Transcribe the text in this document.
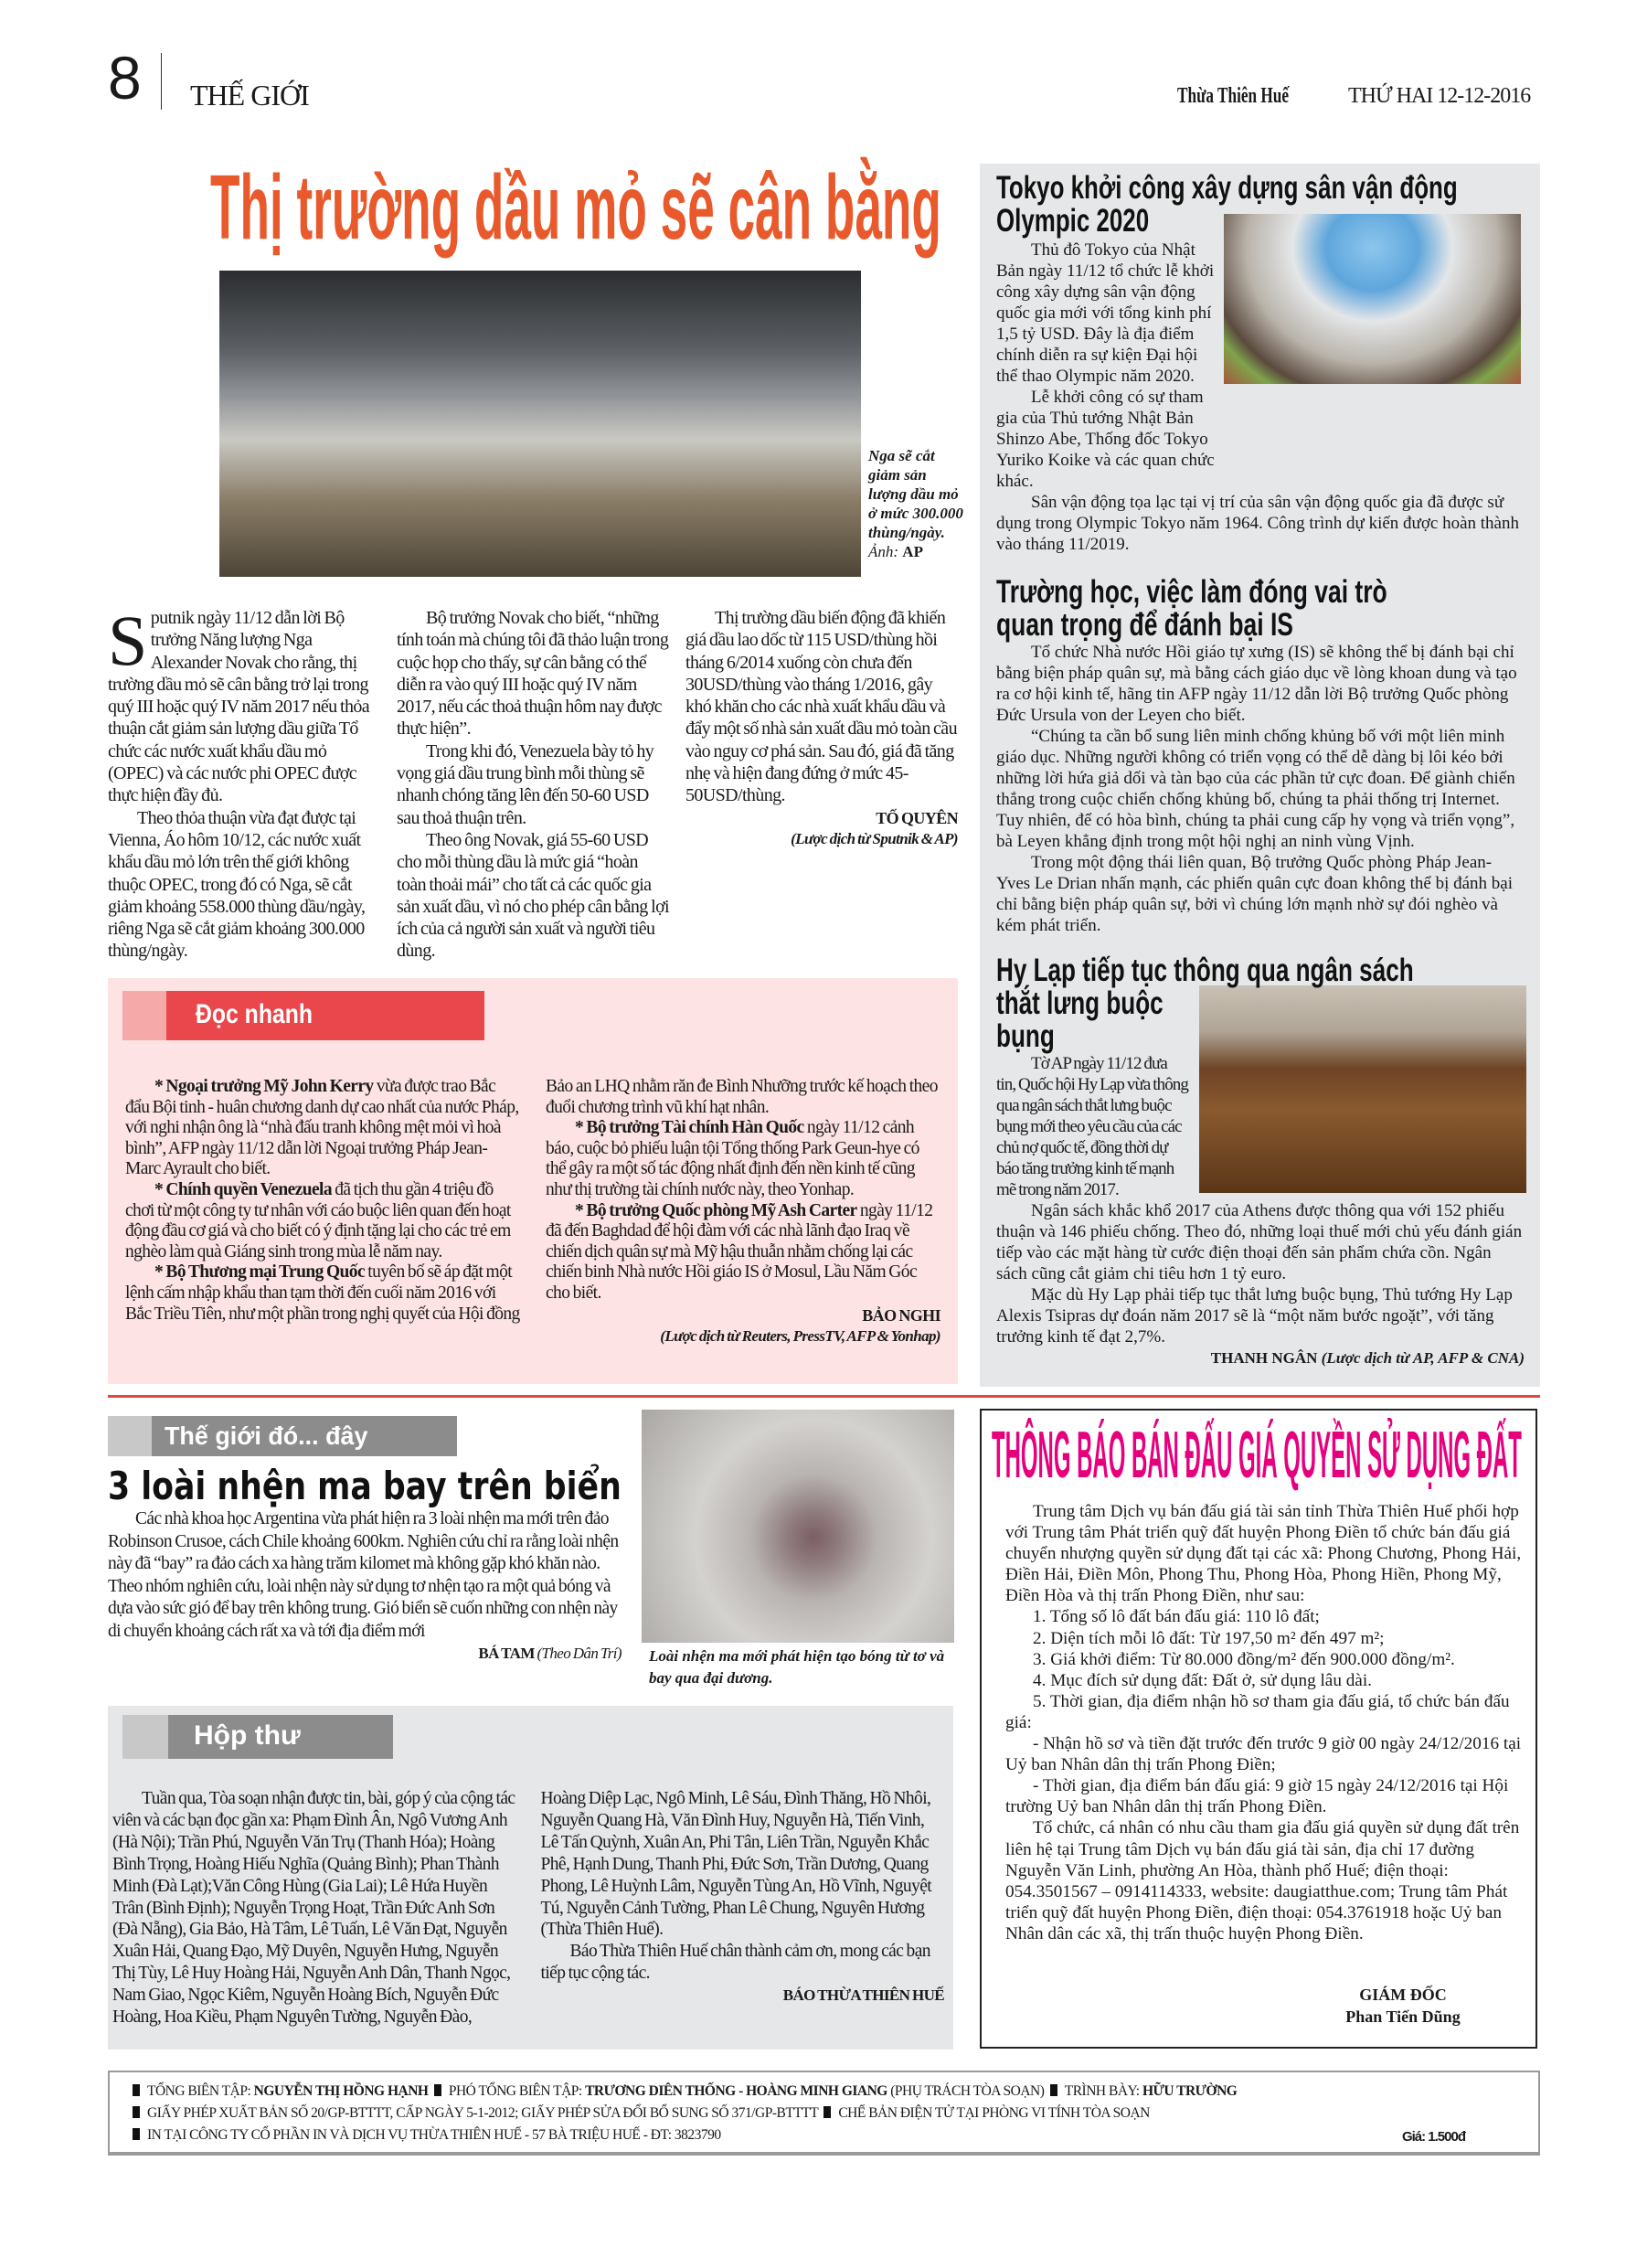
8 THẾ GIỚI	Thừa Thiên Huế	THỨ HAI 12-12-2016
Thị trường dầu mỏ sẽ cân bằng
Nga sẽ cắt giảm sản lượng dầu mỏ ở mức 300.000 thùng/ngày. Ảnh: AP

Sputnik ngày 11/12 dẫn lời Bộ trưởng Năng lượng Nga Alexander Novak cho rằng, thị trường dầu mỏ sẽ cân bằng trở lại trong quý III hoặc quý IV năm 2017 nếu thỏa thuận cắt giảm sản lượng dầu giữa Tổ chức các nước xuất khẩu dầu mỏ (OPEC) và các nước phi OPEC được thực hiện đầy đủ.

Theo thỏa thuận vừa đạt được tại Vienna, Áo hôm 10/12, các nước xuất khẩu dầu mỏ lớn trên thế giới không thuộc OPEC, trong đó có Nga, sẽ cắt giảm khoảng 558.000 thùng dầu/ngày, riêng Nga sẽ cắt giảm khoảng 300.000 thùng/ngày.

Bộ trưởng Novak cho biết, “những tính toán mà chúng tôi đã thảo luận trong cuộc họp cho thấy, sự cân bằng có thể diễn ra vào quý III hoặc quý IV năm 2017, nếu các thoả thuận hôm nay được thực hiện”.

Trong khi đó, Venezuela bày tỏ hy vọng giá dầu trung bình mỗi thùng sẽ nhanh chóng tăng lên đến 50-60 USD sau thoả thuận trên.

Theo ông Novak, giá 55-60 USD cho mỗi thùng dầu là mức giá “hoàn toàn thoải mái” cho tất cả các quốc gia sản xuất dầu, vì nó cho phép cân bằng lợi ích của cả người sản xuất và người tiêu dùng.

Thị trường dầu biến động đã khiến giá dầu lao dốc từ 115 USD/thùng hồi tháng 6/2014 xuống còn chưa đến 30USD/thùng vào tháng 1/2016, gây khó khăn cho các nhà xuất khẩu dầu và đẩy một số nhà sản xuất dầu mỏ toàn cầu vào nguy cơ phá sản. Sau đó, giá đã tăng nhẹ và hiện đang đứng ở mức 45-50USD/thùng.

TỐ QUYÊN

(Lược dịch từ Sputnik & AP)

Tokyo khởi công xây dựng sân vận động
Olympic 2020

Thủ đô Tokyo của Nhật Bản ngày 11/12 tổ chức lễ khởi công xây dựng sân vận động quốc gia mới với tổng kinh phí 1,5 tỷ USD. Đây là địa điểm chính diễn ra sự kiện Đại hội thể thao Olympic năm 2020.

Lễ khởi công có sự tham gia của Thủ tướng Nhật Bản Shinzo Abe, Thống đốc Tokyo Yuriko Koike và các quan chức khác.

Sân vận động tọa lạc tại vị trí của sân vận động quốc gia đã được sử dụng trong Olympic Tokyo năm 1964. Công trình dự kiến được hoàn thành vào tháng 11/2019.

Trường học, việc làm đóng vai trò
quan trọng để đánh bại IS

Tổ chức Nhà nước Hồi giáo tự xưng (IS) sẽ không thể bị đánh bại chỉ bằng biện pháp quân sự, mà bằng cách giáo dục về lòng khoan dung và tạo ra cơ hội kinh tế, hãng tin AFP ngày 11/12 dẫn lời Bộ trưởng Quốc phòng Đức Ursula von der Leyen cho biết.

“Chúng ta cần bổ sung liên minh chống khủng bố với một liên minh giáo dục. Những người không có triển vọng có thể dễ dàng bị lôi kéo bởi những lời hứa giả dối và tàn bạo của các phần tử cực đoan. Để giành chiến thắng trong cuộc chiến chống khủng bố, chúng ta phải thống trị Internet. Tuy nhiên, để có hòa bình, chúng ta phải cung cấp hy vọng và triển vọng”, bà Leyen khẳng định trong một hội nghị an ninh vùng Vịnh.

Trong một động thái liên quan, Bộ trưởng Quốc phòng Pháp Jean-Yves Le Drian nhấn mạnh, các phiến quân cực đoan không thể bị đánh bại chỉ bằng biện pháp quân sự, bởi vì chúng lớn mạnh nhờ sự đói nghèo và kém phát triển.

Hy Lạp tiếp tục thông qua ngân sách
thắt lưng buộc
bụng

Tờ AP ngày 11/12 đưa tin, Quốc hội Hy Lạp vừa thông qua ngân sách thắt lưng buộc bụng mới theo yêu cầu của các chủ nợ quốc tế, đồng thời dự báo tăng trưởng kinh tế mạnh mẽ trong năm 2017.

Ngân sách khắc khổ 2017 của Athens được thông qua với 152 phiếu thuận và 146 phiếu chống. Theo đó, những loại thuế mới chủ yếu đánh gián tiếp vào các mặt hàng từ cước điện thoại đến sản phẩm chứa cồn. Ngân sách cũng cắt giảm chi tiêu hơn 1 tỷ euro.

Mặc dù Hy Lạp phải tiếp tục thắt lưng buộc bụng, Thủ tướng Hy Lạp Alexis Tsipras dự đoán năm 2017 sẽ là “một năm bước ngoặt”, với tăng trưởng kinh tế đạt 2,7%.

THANH NGÂN (Lược dịch từ AP, AFP & CNA)

Đọc nhanh

* Ngoại trưởng Mỹ John Kerry vừa được trao Bắc đẩu Bội tinh - huân chương danh dự cao nhất của nước Pháp, với nghi nhận ông là “nhà đấu tranh không mệt mỏi vì hoà bình”, AFP ngày 11/12 dẫn lời Ngoại trưởng Pháp Jean-Marc Ayrault cho biết.

* Chính quyền Venezuela đã tịch thu gần 4 triệu đồ chơi từ một công ty tư nhân với cáo buộc liên quan đến hoạt động đầu cơ giá và cho biết có ý định tặng lại cho các trẻ em nghèo làm quà Giáng sinh trong mùa lễ năm nay.

* Bộ Thương mại Trung Quốc tuyên bố sẽ áp đặt một lệnh cấm nhập khẩu than tạm thời đến cuối năm 2016 với Bắc Triều Tiên, như một phần trong nghị quyết của Hội đồng Bảo an LHQ nhằm răn đe Bình Nhưỡng trước kế hoạch theo đuổi chương trình vũ khí hạt nhân.

* Bộ trưởng Tài chính Hàn Quốc ngày 11/12 cảnh báo, cuộc bỏ phiếu luận tội Tổng thống Park Geun-hye có thể gây ra một số tác động nhất định đến nền kinh tế cũng như thị trường tài chính nước này, theo Yonhap.

* Bộ trưởng Quốc phòng Mỹ Ash Carter ngày 11/12 đã đến Baghdad để hội đàm với các nhà lãnh đạo Iraq về chiến dịch quân sự mà Mỹ hậu thuẫn nhằm chống lại các chiến binh Nhà nước Hồi giáo IS ở Mosul, Lầu Năm Góc cho biết.

BẢO NGHI

(Lược dịch từ Reuters, PressTV, AFP & Yonhap)

Thế giới đó... đây
3 loài nhện ma bay trên biển

Các nhà khoa học Argentina vừa phát hiện ra 3 loài nhện ma mới trên đảo Robinson Crusoe, cách Chile khoảng 600km. Nghiên cứu chỉ ra rằng loài nhện này đã “bay” ra đảo cách xa hàng trăm kilomet mà không gặp khó khăn nào. Theo nhóm nghiên cứu, loài nhện này sử dụng tơ nhện tạo ra một quả bóng và dựa vào sức gió để bay trên không trung. Gió biển sẽ cuốn những con nhện này di chuyển khoảng cách rất xa và tới địa điểm mới

BÁ TAM (Theo Dân Trí) Loài nhện ma mới phát hiện tạo bóng từ tơ và bay qua đại dương.
Hộp thư

Tuần qua, Tòa soạn nhận được tin, bài, góp ý của cộng tác viên và các bạn đọc gần xa: Phạm Đình Ân, Ngô Vương Anh (Hà Nội); Trần Phú, Nguyễn Văn Trụ (Thanh Hóa); Hoàng Bình Trọng, Hoàng Hiếu Nghĩa (Quảng Bình); Phan Thành Minh (Đà Lạt);Văn Công Hùng (Gia Lai); Lê Hứa Huyền Trân (Bình Định); Nguyễn Trọng Hoạt, Trần Đức Anh Sơn (Đà Nẵng), Gia Bảo, Hà Tâm, Lê Tuấn, Lê Văn Đạt, Nguyễn Xuân Hải, Quang Đạo, Mỹ Duyên, Nguyễn Hưng, Nguyễn Thị Tùy, Lê Huy Hoàng Hải, Nguyễn Anh Dân, Thanh Ngọc, Nam Giao, Ngọc Kiêm, Nguyễn Hoàng Bích, Nguyễn Đức Hoàng, Hoa Kiều, Phạm Nguyên Tường, Nguyễn Đào, Hoàng Diệp Lạc, Ngô Minh, Lê Sáu, Đình Thăng, Hồ Nhôi, Nguyễn Quang Hà, Văn Đình Huy, Nguyễn Hà, Tiến Vinh, Lê Tấn Quỳnh, Xuân An, Phi Tân, Liên Trần, Nguyễn Khắc Phê, Hạnh Dung, Thanh Phi, Đức Sơn, Trần Dương, Quang Phong, Lê Huỳnh Lâm, Nguyễn Tùng An, Hồ Vĩnh, Nguyệt Tú, Nguyễn Cảnh Tường, Phan Lê Chung, Nguyên Hương (Thừa Thiên Huế).

Báo Thừa Thiên Huế chân thành cảm ơn, mong các bạn tiếp tục cộng tác.

BÁO THỪA THIÊN HUẾ

THÔNG BÁO BÁN ĐẤU GIÁ QUYỀN SỬ DỤNG ĐẤT

Trung tâm Dịch vụ bán đấu giá tài sản tỉnh Thừa Thiên Huế phối hợp với Trung tâm Phát triển quỹ đất huyện Phong Điền tổ chức bán đấu giá chuyển nhượng quyền sử dụng đất tại các xã: Phong Chương, Phong Hải, Điền Hải, Điền Môn, Phong Thu, Phong Hòa, Phong Hiền, Phong Mỹ, Điền Hòa và thị trấn Phong Điền, như sau:

1. Tổng số lô đất bán đấu giá: 110 lô đất;

2. Diện tích mỗi lô đất: Từ 197,50 m² đến 497 m²;

3. Giá khởi điểm: Từ 80.000 đồng/m² đến 900.000 đồng/m².

4. Mục đích sử dụng đất: Đất ở, sử dụng lâu dài.

5. Thời gian, địa điểm nhận hồ sơ tham gia đấu giá, tổ chức bán đấu giá:

- Nhận hồ sơ và tiền đặt trước đến trước 9 giờ 00 ngày 24/12/2016 tại Uỷ ban Nhân dân thị trấn Phong Điền;

- Thời gian, địa điểm bán đấu giá: 9 giờ 15 ngày 24/12/2016 tại Hội trường Uỷ ban Nhân dân thị trấn Phong Điền.

Tổ chức, cá nhân có nhu cầu tham gia đấu giá quyền sử dụng đất trên liên hệ tại Trung tâm Dịch vụ bán đấu giá tài sản, địa chỉ 17 đường Nguyễn Văn Linh, phường An Hòa, thành phố Huế; điện thoại: 054.3501567 – 0914114333, website: daugiatthue.com; Trung tâm Phát triển quỹ đất huyện Phong Điền, điện thoại: 054.3761918 hoặc Uỷ ban Nhân dân các xã, thị trấn thuộc huyện Phong Điền.

GIÁM ĐỐC
Phan Tiến Dũng
TỔNG BIÊN TẬP: NGUYỄN THỊ HỒNG HẠNH PHÓ TỔNG BIÊN TẬP: TRƯƠNG DIÊN THỐNG - HOÀNG MINH GIANG (PHỤ TRÁCH TÒA SOẠN) TRÌNH BÀY: HỮU TRƯỜNG
GIẤY PHÉP XUẤT BẢN SỐ 20/GP-BTTTT, CẤP NGÀY 5-1-2012; GIẤY PHÉP SỬA ĐỔI BỔ SUNG SỐ 371/GP-BTTTT CHẾ BẢN ĐIỆN TỬ TẠI PHÒNG VI TÍNH TÒA SOẠN
IN TẠI CÔNG TY CỔ PHẦN IN VÀ DỊCH VỤ THỪA THIÊN HUẾ - 57 BÀ TRIỆU HUẾ - ĐT: 3823790	Giá: 1.500đ
